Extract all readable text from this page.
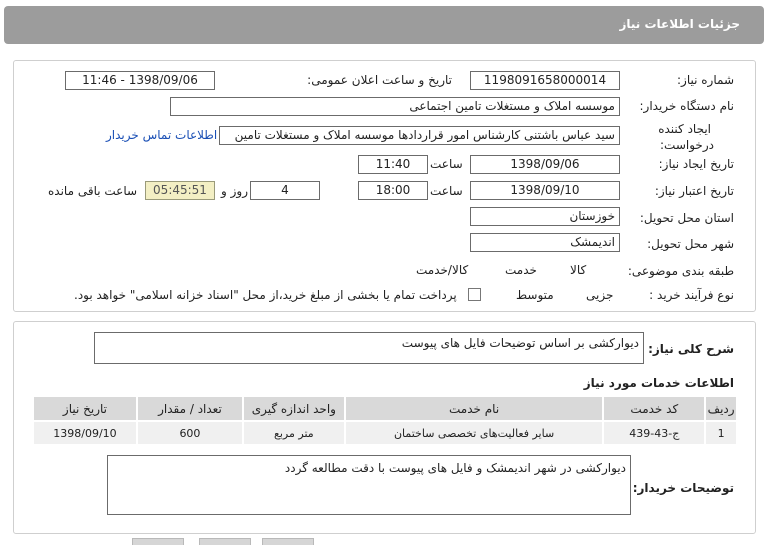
جزئیات اطلاعات نیاز
شماره نیاز:
1198091658000014
تاریخ و ساعت اعلان عمومی:
1398/09/06 - 11:46
نام دستگاه خریدار:
موسسه املاک و مستغلات تامین اجتماعی
ایجاد کننده
درخواست:
سید عباس باشتنی کارشناس امور قراردادها موسسه املاک و مستغلات تامین
اطلاعات تماس خریدار
تاریخ ایجاد نیاز:
1398/09/06
ساعت
11:40
تاریخ اعتبار نیاز:
1398/09/10
ساعت
18:00
4
روز و
05:45:51
ساعت باقی مانده
استان محل تحویل:
خوزستان
شهر محل تحویل:
اندیمشک
طبقه بندی موضوعی:

کالا

خدمت

کالا/خدمت
نوع فرآیند خرید :

جزیی
متوسط
پرداخت تمام یا بخشی از مبلغ خرید،از محل "اسناد خزانه اسلامی" خواهد بود.
شرح کلی نیاز:
دیوارکشی بر اساس توضیحات فایل های پیوست
اطلاعات خدمات مورد نیاز
ردیف	کد خدمت	نام خدمت	واحد اندازه گیری	تعداد / مقدار	تاریخ نیاز
1	ج-43-439	سایر فعالیت‌های تخصصی ساختمان	متر مربع	600	1398/09/10
توضیحات خریدار:
دیوارکشی در شهر اندیمشک و فایل های پیوست با دقت مطالعه گردد
